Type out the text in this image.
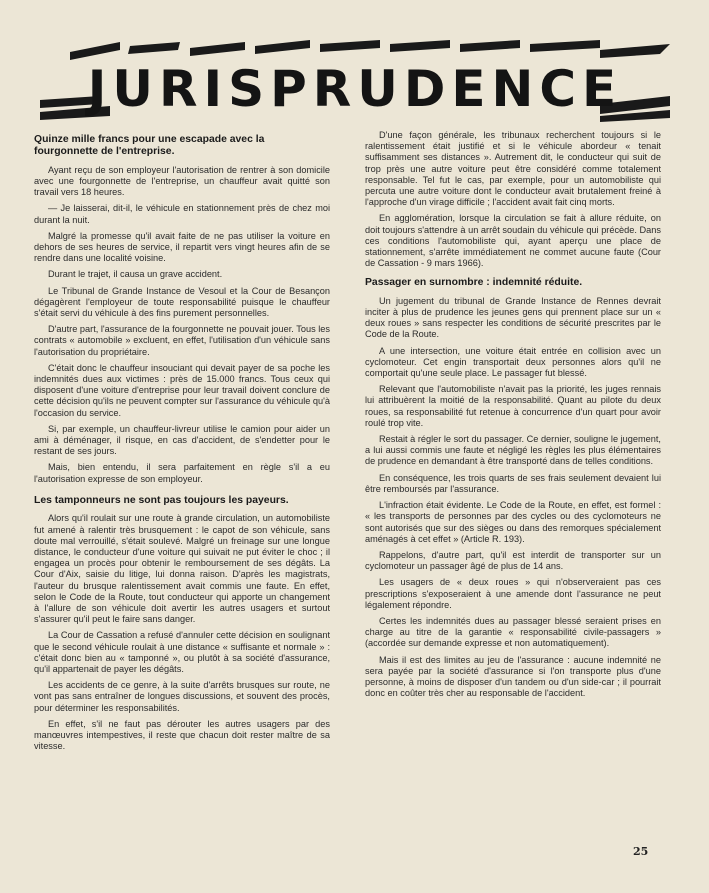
JURISPRUDENCE
Quinze mille francs pour une escapade avec la fourgonnette de l'entreprise.

Ayant reçu de son employeur l'autorisation de rentrer à son domicile avec une fourgonnette de l'entreprise, un chauffeur avait quitté son travail vers 18 heures.

— Je laisserai, dit-il, le véhicule en stationnement près de chez moi durant la nuit.

Malgré la promesse qu'il avait faite de ne pas utiliser la voiture en dehors de ses heures de service, il repartit vers vingt heures afin de se rendre dans une localité voisine.

Durant le trajet, il causa un grave accident.

Le Tribunal de Grande Instance de Vesoul et la Cour de Besançon dégagèrent l'employeur de toute responsabilité puisque le chauffeur s'était servi du véhicule à des fins purement personnelles.

D'autre part, l'assurance de la fourgonnette ne pouvait jouer. Tous les contrats « automobile » excluent, en effet, l'utilisation d'un véhicule sans l'autorisation du propriétaire.

C'était donc le chauffeur insouciant qui devait payer de sa poche les indemnités dues aux victimes : près de 15.000 francs. Tous ceux qui disposent d'une voiture d'entreprise pour leur travail doivent conclure de cette décision qu'ils ne peuvent compter sur l'assurance du véhicule qu'à l'occasion du service.

Si, par exemple, un chauffeur-livreur utilise le camion pour aider un ami à déménager, il risque, en cas d'accident, de s'endetter pour le restant de ses jours.

Mais, bien entendu, il sera parfaitement en règle s'il a eu l'autorisation expresse de son employeur.

Les tamponneurs ne sont pas toujours les payeurs.

Alors qu'il roulait sur une route à grande circulation, un automobiliste fut amené à ralentir très brusquement : le capot de son véhicule, sans doute mal verrouillé, s'était soulevé. Malgré un freinage sur une longue distance, le conducteur d'une voiture qui suivait ne put éviter le choc ; il engagea un procès pour obtenir le remboursement de ses dégâts. La Cour d'Aix, saisie du litige, lui donna raison. D'après les magistrats, l'auteur du brusque ralentissement avait commis une faute. En effet, selon le Code de la Route, tout conducteur qui apporte un changement à l'allure de son véhicule doit avertir les autres usagers et surtout s'assurer qu'il peut le faire sans danger.

La Cour de Cassation a refusé d'annuler cette décision en soulignant que le second véhicule roulait à une distance « suffisante et normale » : c'était donc bien au « tamponné », ou plutôt à sa société d'assurance, qu'il appartenait de payer les dégâts.

Les accidents de ce genre, à la suite d'arrêts brusques sur route, ne vont pas sans entraîner de longues discussions, et souvent des procès, pour déterminer les responsabilités.

En effet, s'il ne faut pas dérouter les autres usagers par des manœuvres intempestives, il reste que chacun doit rester maître de sa vitesse.

D'une façon générale, les tribunaux recherchent toujours si le ralentissement était justifié et si le véhicule abordeur « tenait suffisamment ses distances ». Autrement dit, le conducteur qui suit de trop près une autre voiture peut être considéré comme totalement responsable. Tel fut le cas, par exemple, pour un automobiliste qui percuta une autre voiture dont le conducteur avait brutalement freiné à l'approche d'un virage difficile ; l'accident avait fait cinq morts.

En agglomération, lorsque la circulation se fait à allure réduite, on doit toujours s'attendre à un arrêt soudain du véhicule qui précède. Dans ces conditions l'automobiliste qui, ayant aperçu une place de stationnement, s'arrête immédiatement ne commet aucune faute (Cour de Cassation - 9 mars 1966).

Passager en surnombre : indemnité réduite.

Un jugement du tribunal de Grande Instance de Rennes devrait inciter à plus de prudence les jeunes gens qui prennent place sur un « deux roues » sans respecter les conditions de sécurité prescrites par le Code de la Route.

A une intersection, une voiture était entrée en collision avec un cyclomoteur. Cet engin transportait deux personnes alors qu'il ne comportait qu'une seule place. Le passager fut blessé.

Relevant que l'automobiliste n'avait pas la priorité, les juges rennais lui attribuèrent la moitié de la responsabilité. Quant au pilote du deux roues, sa responsabilité fut retenue à concurrence d'un quart pour avoir roulé trop vite.

Restait à régler le sort du passager. Ce dernier, souligne le jugement, a lui aussi commis une faute et négligé les règles les plus élémentaires de prudence en demandant à être transporté dans de telles conditions.

En conséquence, les trois quarts de ses frais seulement devaient lui être remboursés par l'assurance.

L'infraction était évidente. Le Code de la Route, en effet, est formel : « les transports de personnes par des cycles ou des cyclomoteurs ne sont autorisés que sur des sièges ou dans des remorques spécialement aménagés à cet effet » (Article R. 193).

Rappelons, d'autre part, qu'il est interdit de transporter sur un cyclomoteur un passager âgé de plus de 14 ans.

Les usagers de « deux roues » qui n'observeraient pas ces prescriptions s'exposeraient à une amende dont l'assurance ne peut légalement répondre.

Certes les indemnités dues au passager blessé seraient prises en charge au titre de la garantie « responsabilité civile-passagers » (accordée sur demande expresse et non automatiquement).

Mais il est des limites au jeu de l'assurance : aucune indemnité ne sera payée par la société d'assurance si l'on transporte plus d'une personne, à moins de disposer d'un tandem ou d'un side-car ; il pourrait donc en coûter très cher au responsable de l'accident.

25
